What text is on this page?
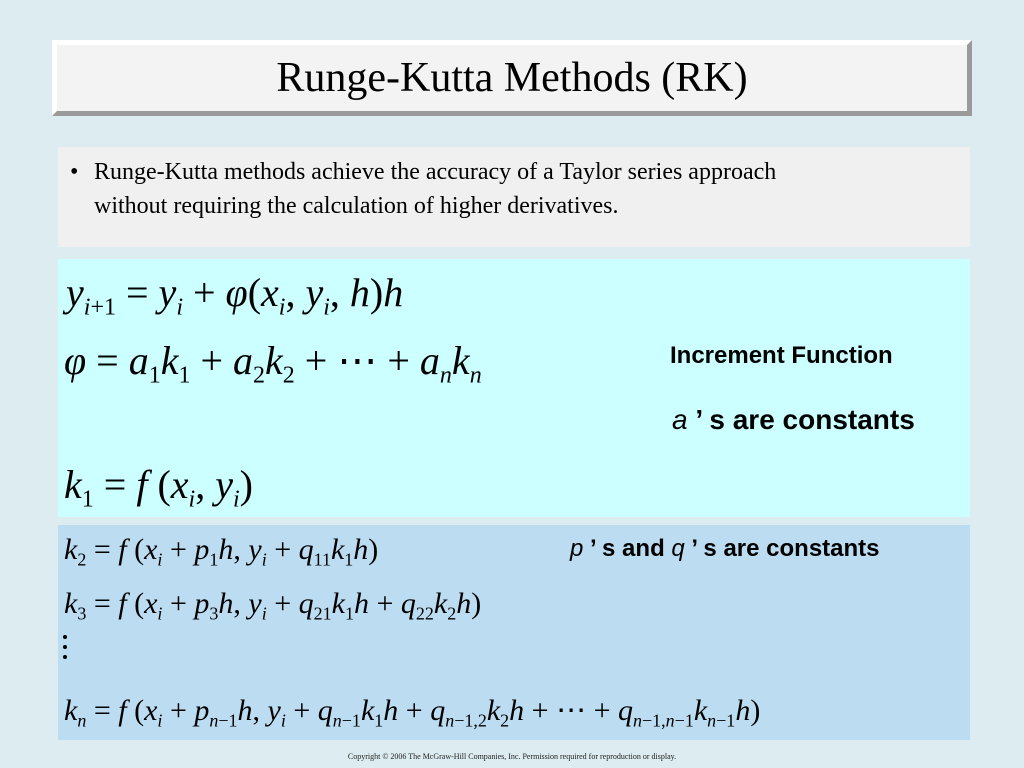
Runge-Kutta Methods (RK)
• Runge-Kutta methods achieve the accuracy of a Taylor series approach
without requiring the calculation of higher derivatives.
$y_{i+1} = y_i + \varphi(x_i$, $y_i$, h)h
$\varphi = a_1k_1 + a_2k_2$ + ⋯ + $a_nk_n$
Increment Function
a ’ s are constants
$k_1 = f$ ($x_i$, $y_i$)
$k_2 = f$ ($x_i + p_1h$, $y_i + q_{11}k_1h$)	p ’ s and q ’ s are constants
$k_3 = f$ ($x_i + p_3h$, $y_i + q_{21}k_1h + q_{22}k_2h$)
$k_n = f$ ($x_i + p_{n-1}h$, $y_i + q_{n-1}k_1h + q_{n-1,2}k_2h$ + ⋯ + $q_{n-1,n-1}k_{n-1}h$)
Copyright © 2006 The McGraw-Hill Companies, Inc. Permission required for reproduction or display.
